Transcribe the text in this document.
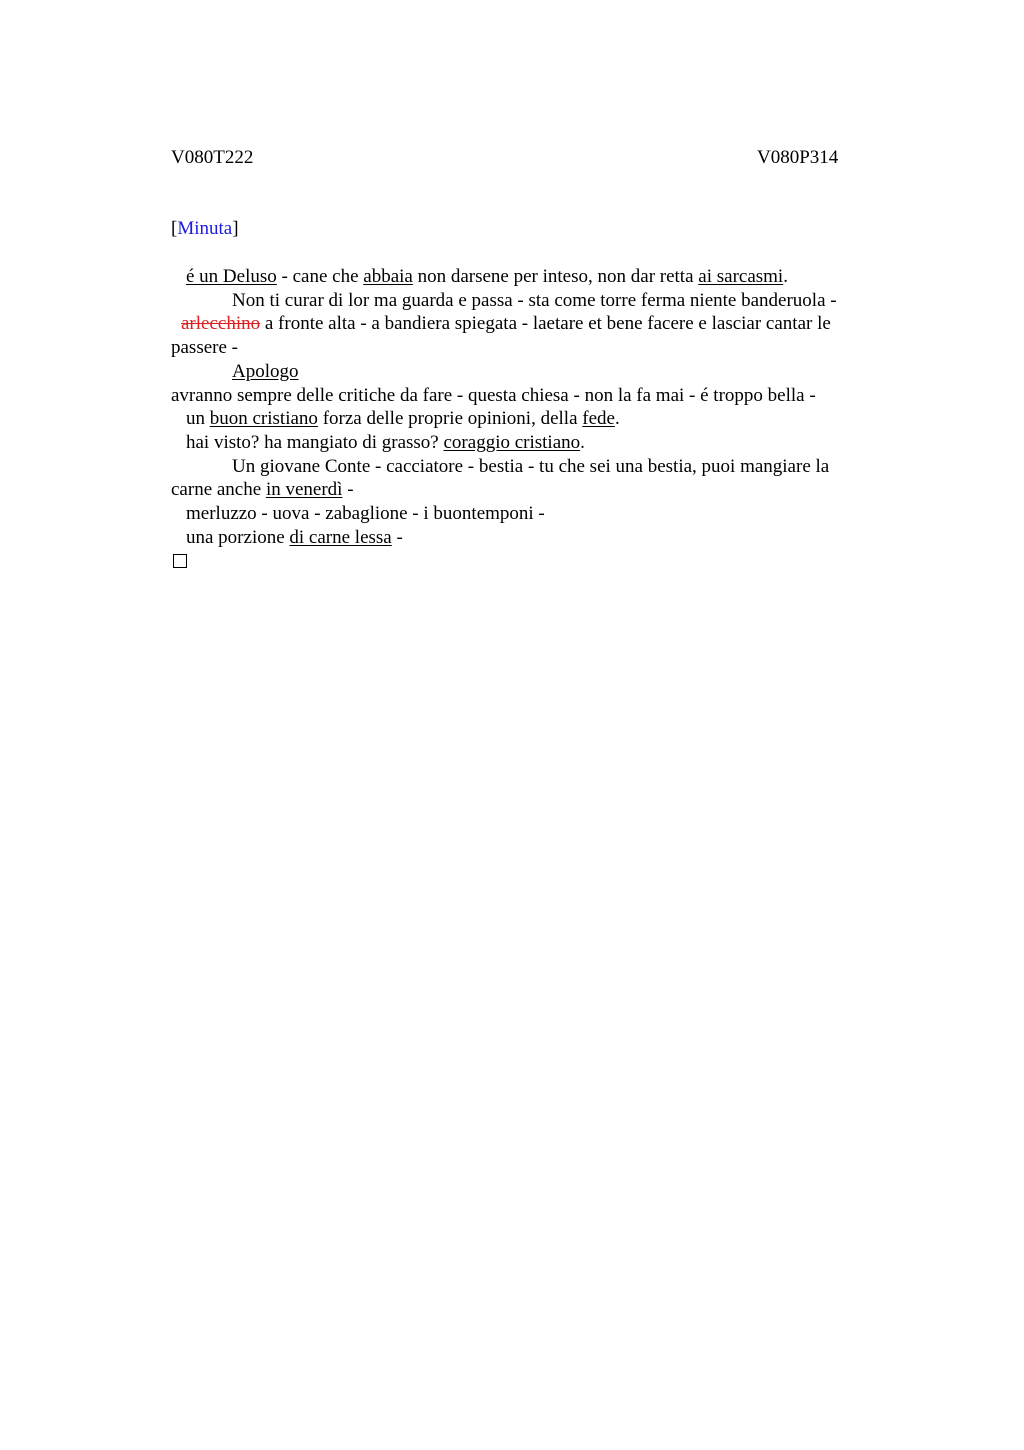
V080T222	V080P314
[Minuta]
é un Deluso - cane che abbaia non darsene per inteso, non dar retta ai sarcasmi.
Non ti curar di lor ma guarda e passa - sta come torre ferma niente banderuola -
arlecchino a fronte alta - a bandiera spiegata - laetare et bene facere e lasciar cantar le
passere -
Apologo
avranno sempre delle critiche da fare - questa chiesa - non la fa mai - é troppo bella -
un buon cristiano forza delle proprie opinioni, della fede.
hai visto? ha mangiato di grasso? coraggio cristiano.
Un giovane Conte - cacciatore - bestia - tu che sei una bestia, puoi mangiare la
carne anche in venerdì -
merluzzo - uova - zabaglione - i buontemponi -
una porzione di carne lessa -
